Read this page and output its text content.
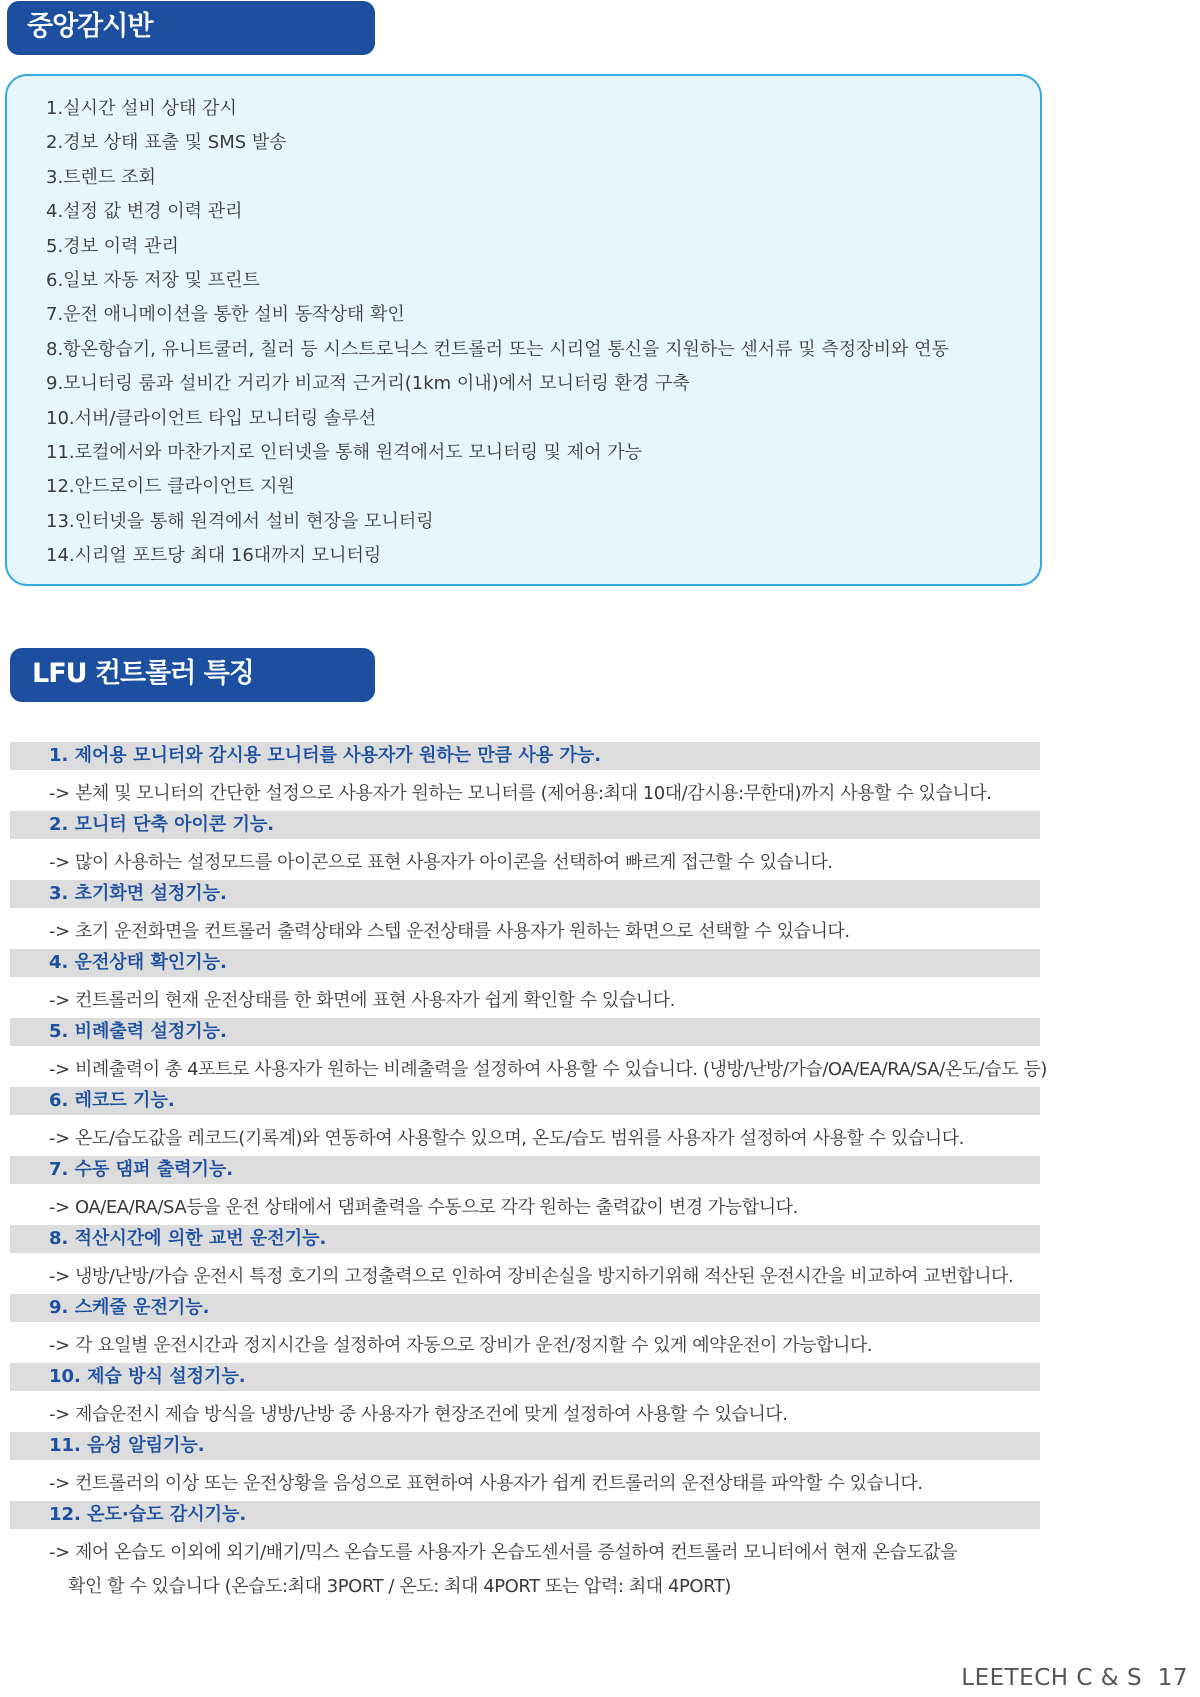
중앙감시반
1.실시간 설비 상태 감시
2.경보 상태 표출 및 SMS 발송
3.트렌드 조회
4.설정 값 변경 이력 관리
5.경보 이력 관리
6.일보 자동 저장 및 프린트
7.운전 애니메이션을 통한 설비 동작상태 확인
8.항온항습기, 유니트쿨러, 칠러 등 시스트로닉스 컨트롤러 또는 시리얼 통신을 지원하는 센서류 및 측정장비와 연동
9.모니터링 룸과 설비간 거리가 비교적 근거리(1km 이내)에서 모니터링 환경 구축
10.서버/클라이언트 타입 모니터링 솔루션
11.로컬에서와 마찬가지로 인터넷을 통해 원격에서도 모니터링 및 제어 가능
12.안드로이드 클라이언트 지원
13.인터넷을 통해 원격에서 설비 현장을 모니터링
14.시리얼 포트당 최대 16대까지 모니터링
LFU 컨트롤러 특징
1. 제어용 모니터와 감시용 모니터를 사용자가 원하는 만큼 사용 가능.
-> 본체 및 모니터의 간단한 설정으로 사용자가 원하는 모니터를 (제어용:최대 10대/감시용:무한대)까지 사용할 수 있습니다.
2. 모니터 단축 아이콘 기능.
-> 많이 사용하는 설정모드를 아이콘으로 표현 사용자가 아이콘을 선택하여 빠르게 접근할 수 있습니다.
3. 초기화면 설정기능.
-> 초기 운전화면을 컨트롤러 출력상태와 스텝 운전상태를 사용자가 원하는 화면으로 선택할 수 있습니다.
4. 운전상태 확인기능.
-> 컨트롤러의 현재 운전상태를 한 화면에 표현 사용자가 쉽게 확인할 수 있습니다.
5. 비례출력 설정기능.
-> 비례출력이 총 4포트로 사용자가 원하는 비례출력을 설정하여 사용할 수 있습니다. (냉방/난방/가습/OA/EA/RA/SA/온도/습도 등)
6. 레코드 기능.
-> 온도/습도값을 레코드(기록계)와 연동하여 사용할수 있으며, 온도/습도 범위를 사용자가 설정하여 사용할 수 있습니다.
7. 수동 댐퍼 출력기능.
-> OA/EA/RA/SA등을 운전 상태에서 댐퍼출력을 수동으로 각각 원하는 출력값이 변경 가능합니다.
8. 적산시간에 의한 교번 운전기능.
-> 냉방/난방/가습 운전시 특정 호기의 고정출력으로 인하여 장비손실을 방지하기위해 적산된 운전시간을 비교하여 교번합니다.
9. 스케줄 운전기능.
-> 각 요일별 운전시간과 정지시간을 설정하여 자동으로 장비가 운전/정지할 수 있게 예약운전이 가능합니다.
10. 제습 방식 설정기능.
-> 제습운전시 제습 방식을 냉방/난방 중 사용자가 현장조건에 맞게 설정하여 사용할 수 있습니다.
11. 음성 알림기능.
-> 컨트롤러의 이상 또는 운전상황을 음성으로 표현하여 사용자가 쉽게 컨트롤러의 운전상태를 파악할 수 있습니다.
12. 온도·습도 감시기능.
-> 제어 온습도 이외에 외기/배기/믹스 온습도를 사용자가 온습도센서를 증설하여 컨트롤러 모니터에서 현재 온습도값을
확인 할 수 있습니다 (온습도:최대 3PORT / 온도: 최대 4PORT 또는 압력: 최대 4PORT)
LEETECH C & S 17
